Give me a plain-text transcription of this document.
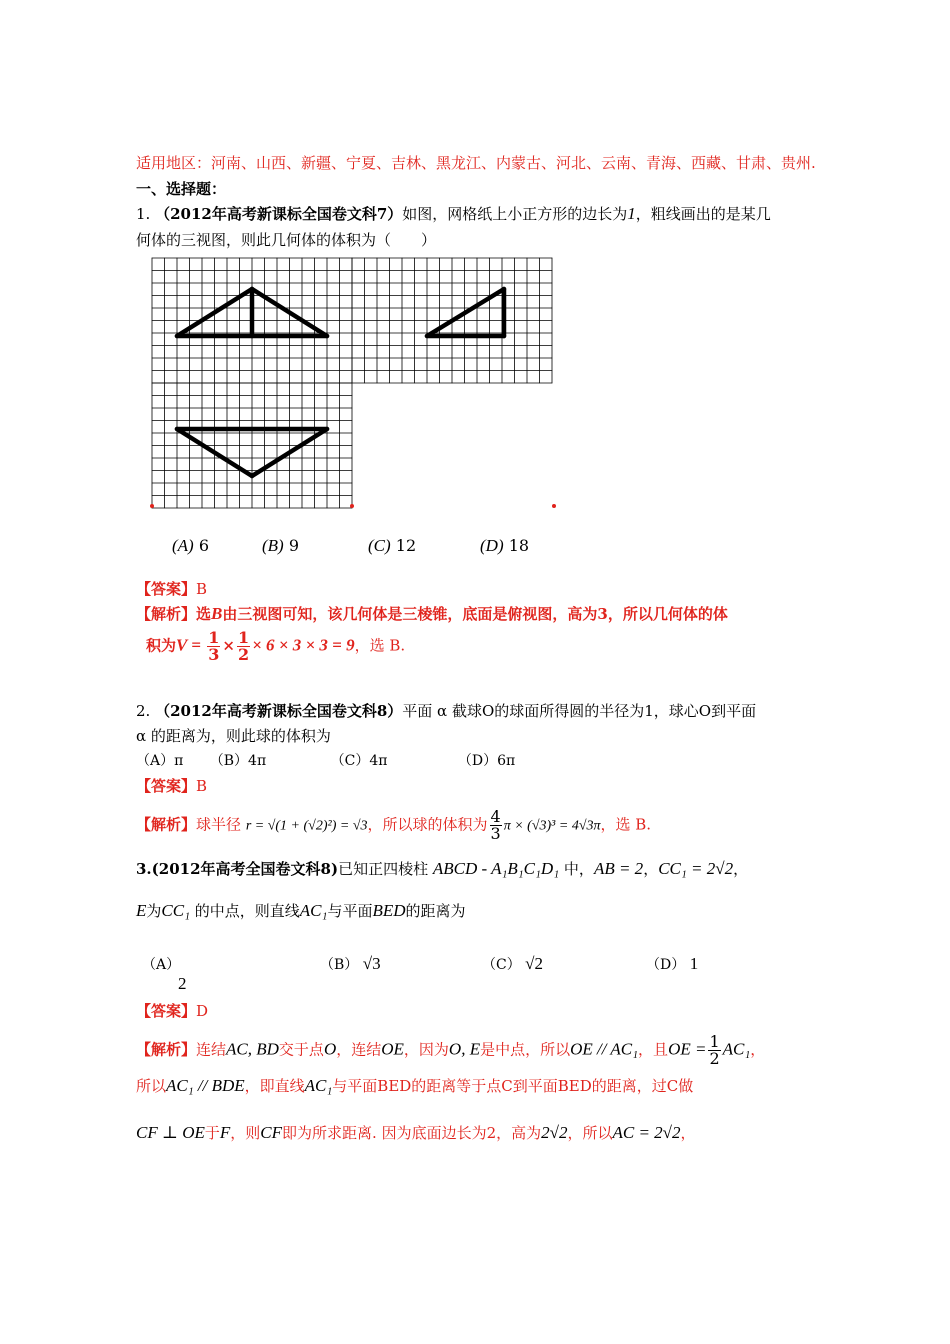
适用地区：河南、山西、新疆、宁夏、吉林、黑龙江、内蒙古、河北、云南、青海、西藏、甘肃、贵州.
一、选择题：
1. （2012年高考新课标全国卷文科7）如图，网格纸上小正方形的边长为1，粗线画出的是某几
何体的三视图，则此几何体的体积为（　　）
(A) 6	(B) 9	(C) 12	(D) 18
【答案】B
【解析】选B由三视图可知，该几何体是三棱锥，底面是俯视图，高为3，所以几何体的体
积为$V = \frac{1}{3} \times \frac{1}{2} \times 6 \times 3 \times 3 = 9$，选 B.
2. （2012年高考新课标全国卷文科8）平面 α 截球O的球面所得圆的半径为1，球心O到平面
α 的距离为，则此球的体积为
（A）π （B）4π	（C）4π	（D）6π
【答案】B
【解析】球半径 r = √(1 + (√2)²) = √3，所以球的体积为 $\frac{4}{3}$ π × (√3)³ = 4√3π，选 B.
3.(2012年高考全国卷文科8)已知正四棱柱 ABCD - A₁B₁C₁D₁ 中，AB = 2，CC₁ = 2√2，
E为CC₁ 的中点，则直线AC₁与平面BED的距离为
（A）
2
（B） √3	（C） √2	（D） 1
【答案】D
【解析】连结AC, BD交于点O，连结OE，因为O, E是中点，所以OE // AC₁，且OE = $\frac{1}{2} AC_1$，
所以AC₁ // BDE，即直线AC₁与平面BED的距离等于点C到平面BED的距离，过C做
CF ⊥ OE于F，则CF即为所求距离. 因为底面边长为2，高为2√2，所以AC = 2√2，
